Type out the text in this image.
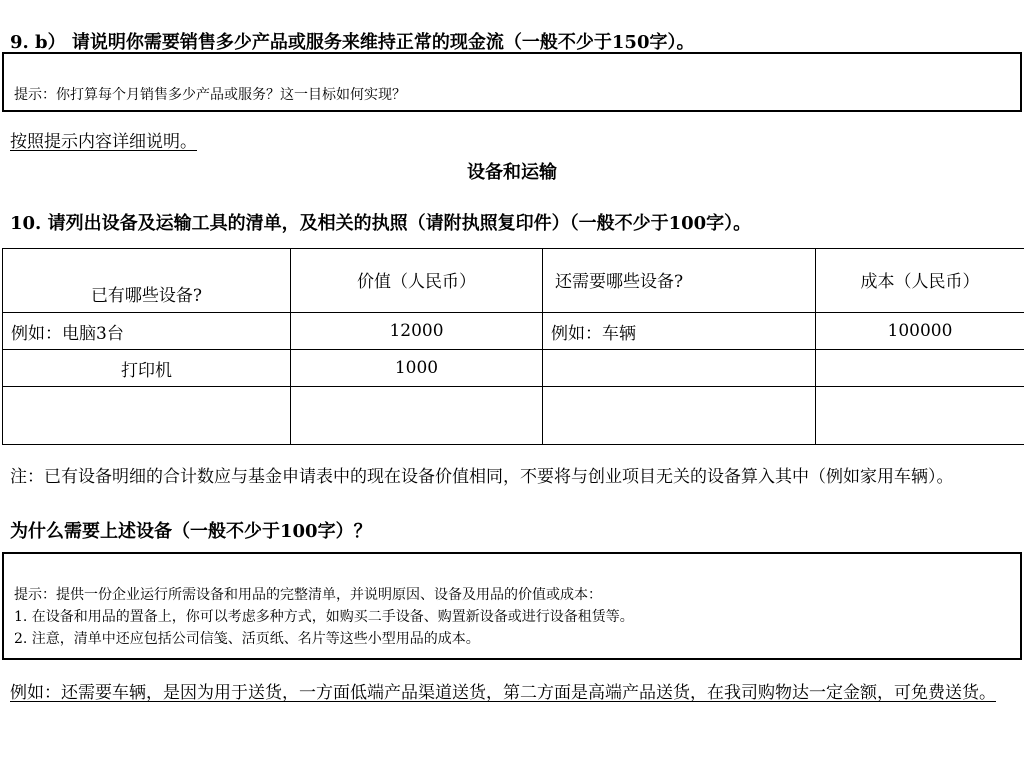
9. b） 请说明你需要销售多少产品或服务来维持正常的现金流（一般不少于150字）。
提示：你打算每个月销售多少产品或服务？这一目标如何实现？
按照提示内容详细说明。
设备和运输
10. 请列出设备及运输工具的清单，及相关的执照（请附执照复印件）（一般不少于100字）。
已有哪些设备?	价值（人民币）	还需要哪些设备?	成本（人民币）
例如：电脑3台	12000	例如：车辆	100000
打印机	1000		

注：已有设备明细的合计数应与基金申请表中的现在设备价值相同，不要将与创业项目无关的设备算入其中（例如家用车辆）。
为什么需要上述设备（一般不少于100字）？
提示：提供一份企业运行所需设备和用品的完整清单，并说明原因、设备及用品的价值或成本：
1. 在设备和用品的置备上，你可以考虑多种方式，如购买二手设备、购置新设备或进行设备租赁等。
2. 注意，清单中还应包括公司信笺、活页纸、名片等这些小型用品的成本。
例如：还需要车辆，是因为用于送货，一方面低端产品渠道送货，第二方面是高端产品送货，在我司购物达一定金额，可免费送货。
